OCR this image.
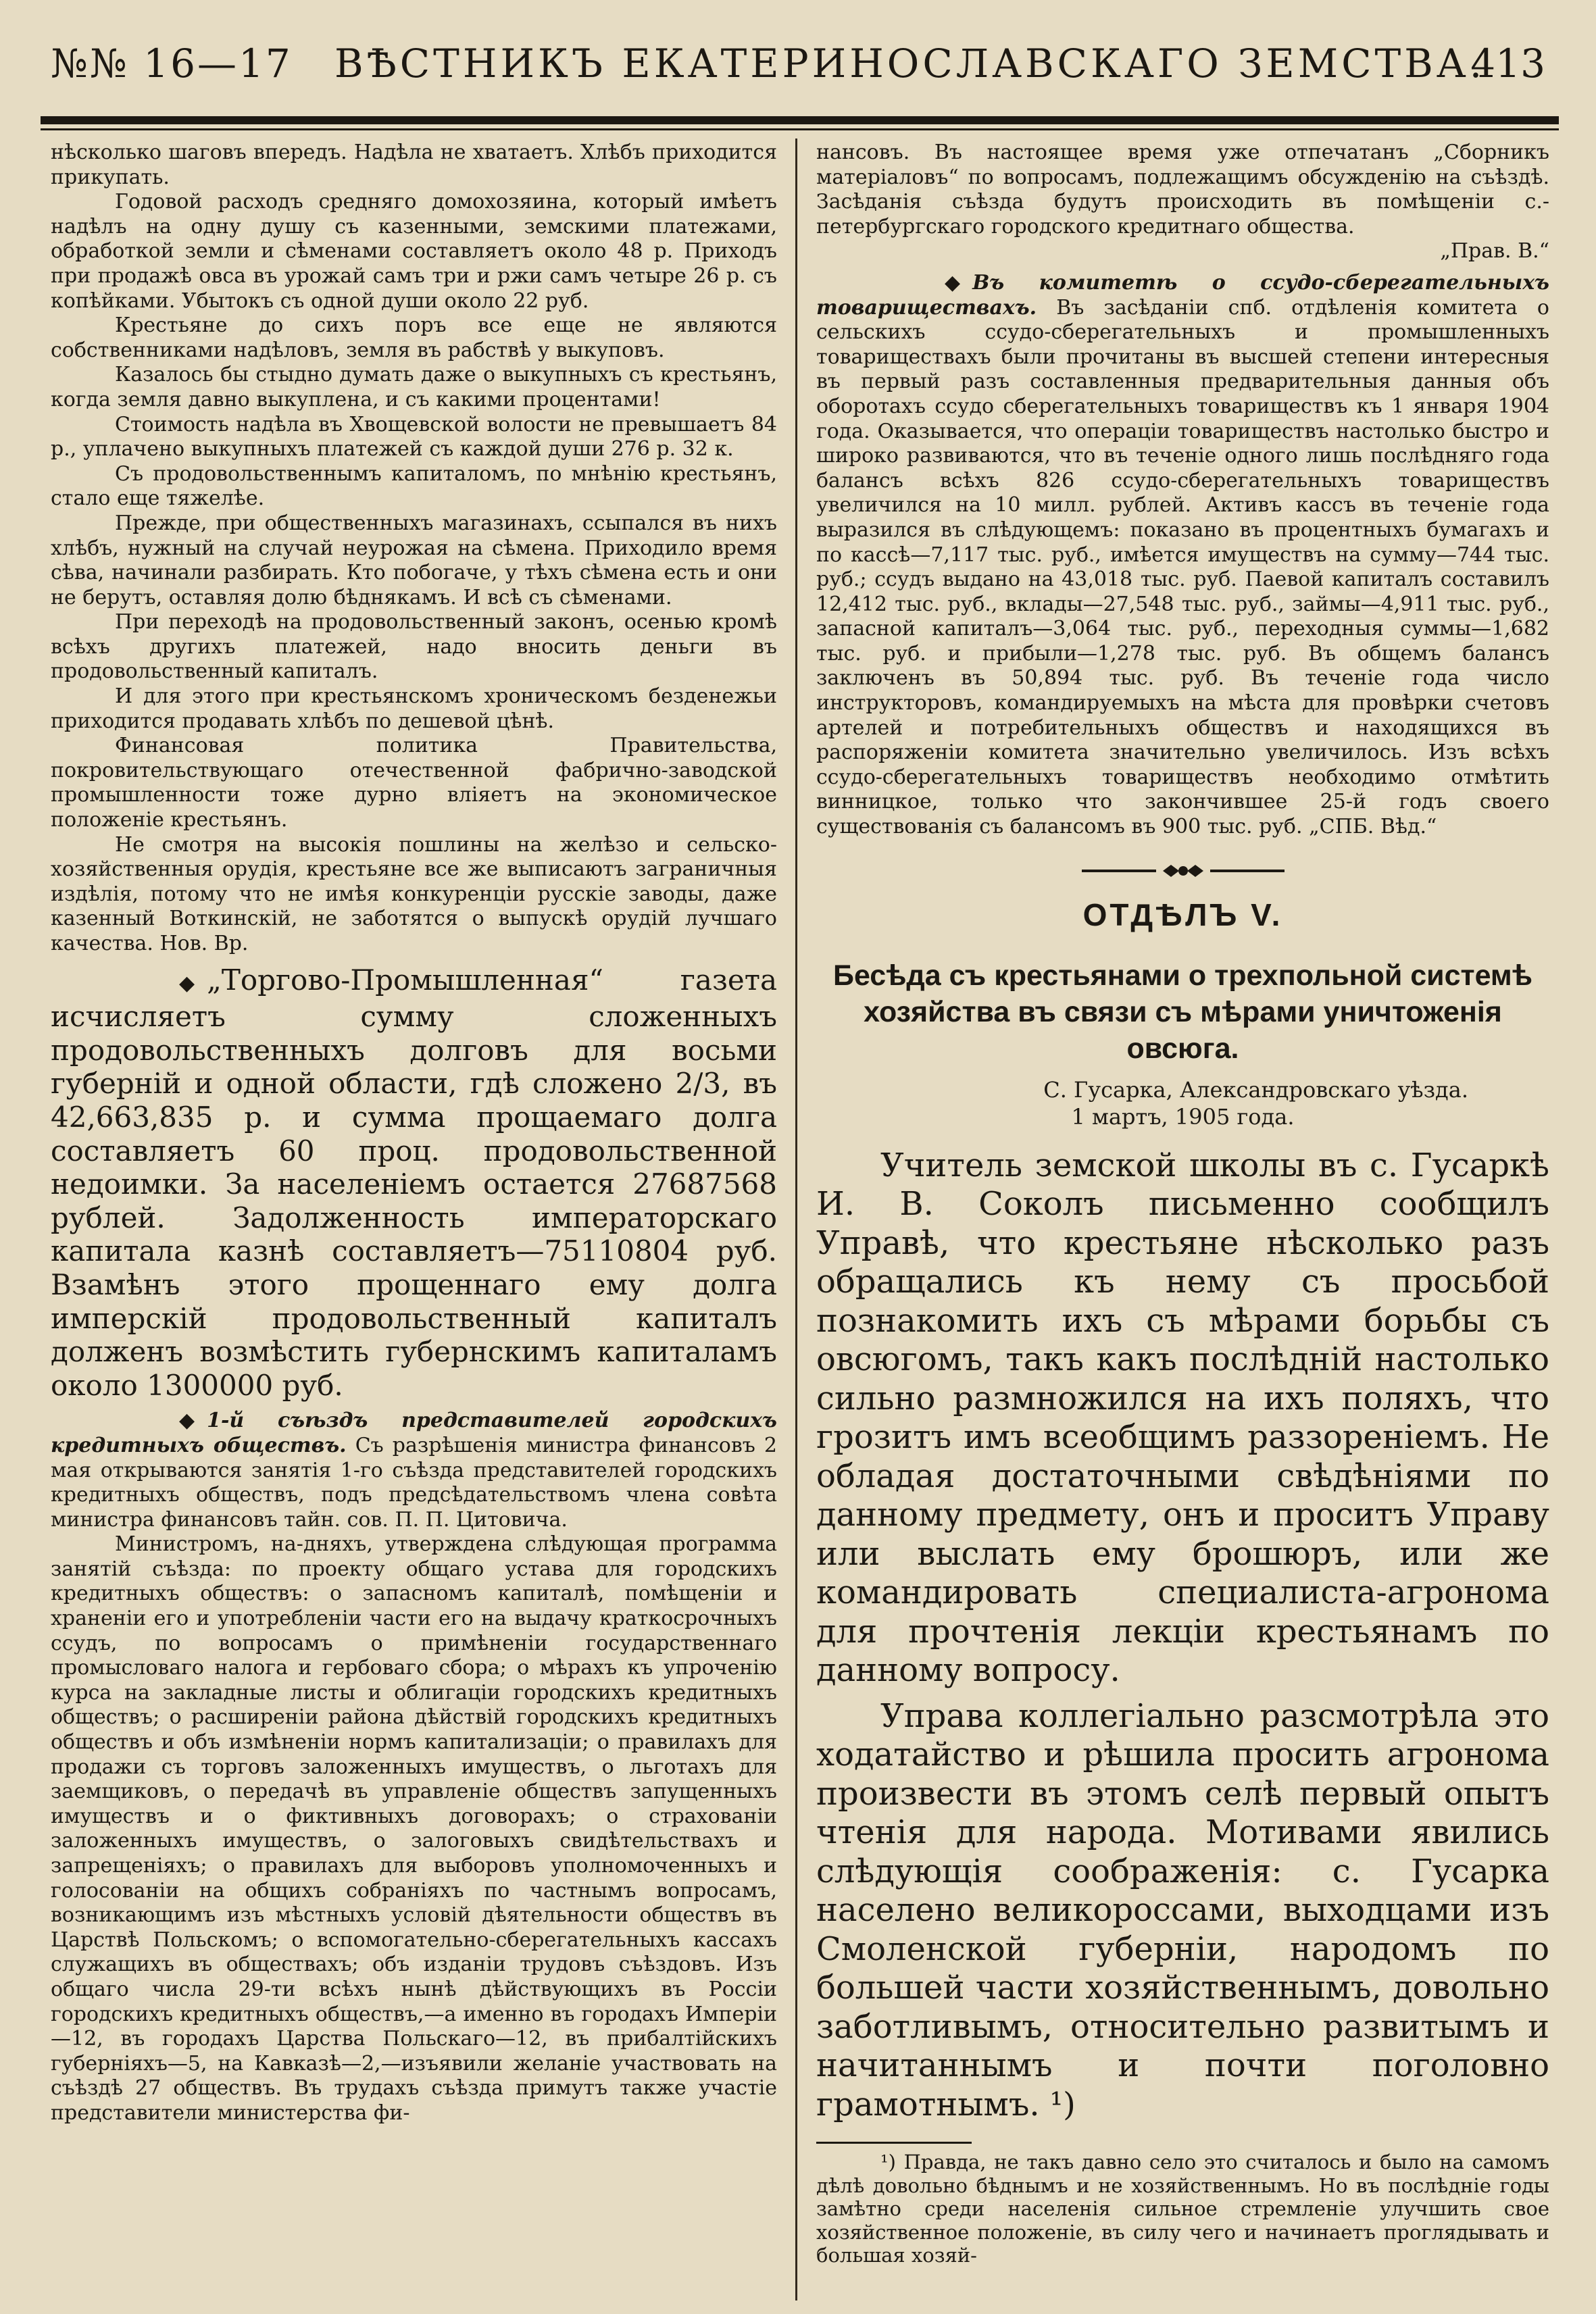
№№ 16—17 ВѢСТНИКЪ ЕКАТЕРИНОСЛАВСКАГО ЗЕМСТВА.
413

нѣсколько шаговъ впередъ. Надѣла не хватаетъ. Хлѣбъ приходится прикупать.

Годовой расходъ средняго домохозяина, который имѣетъ надѣлъ на одну душу съ казенными, земскими платежами, обработкой земли и сѣменами составляетъ около 48 р. Приходъ при продажѣ овса въ урожай самъ три и ржи самъ четыре 26 р. съ копѣйками. Убытокъ съ одной души около 22 руб.

Крестьяне до сихъ поръ все еще не являются собственниками надѣловъ, земля въ рабствѣ у выкуповъ.

Казалось бы стыдно думать даже о выкупныхъ съ крестьянъ, когда земля давно выкуплена, и съ какими процентами!

Стоимость надѣла въ Хвощевской волости не превышаетъ 84 р., уплачено выкупныхъ платежей съ каждой души 276 р. 32 к.

Съ продовольственнымъ капиталомъ, по мнѣнію крестьянъ, стало еще тяжелѣе.

Прежде, при общественныхъ магазинахъ, ссыпался въ нихъ хлѣбъ, нужный на случай неурожая на сѣмена. Приходило время сѣва, начинали разбирать. Кто побогаче, у тѣхъ сѣмена есть и они не берутъ, оставляя долю бѣднякамъ. И всѣ съ сѣменами.

При переходѣ на продовольственный законъ, осенью кромѣ всѣхъ другихъ платежей, надо вносить деньги въ продовольственный капиталъ.

И для этого при крестьянскомъ хроническомъ безденежьи приходится продавать хлѣбъ по дешевой цѣнѣ.

Финансовая политика Правительства, покровительствующаго отечественной фабрично-заводской промышленности тоже дурно вліяетъ на экономическое положеніе крестьянъ.

Не смотря на высокія пошлины на желѣзо и сельско-хозяйственныя орудія, крестьяне все же выписаютъ заграничныя издѣлія, потому что не имѣя конкуренціи русскіе заводы, даже казенный Воткинскій, не заботятся о выпускѣ орудій лучшаго качества. Нов. Вр.

◆ „Торгово-Промышленная“ газета исчисляетъ сумму сложенныхъ продовольственныхъ долговъ для восьми губерній и одной области, гдѣ сложено 2/3, въ 42,663,835 р. и сумма прощаемаго долга составляетъ 60 проц. продовольственной недоимки. За населеніемъ остается 27687568 рублей. Задолженность императорскаго капитала казнѣ составляетъ—75110804 руб. Взамѣнъ этого прощеннаго ему долга имперскій продовольственный капиталъ долженъ возмѣстить губернскимъ капиталамъ около 1300000 руб.

◆ 1-й съѣздъ представителей городскихъ кредитныхъ обществъ. Съ разрѣшенія министра финансовъ 2 мая открываются занятія 1-го съѣзда представителей городскихъ кредитныхъ обществъ, подъ предсѣдательствомъ члена совѣта министра финансовъ тайн. сов. П. П. Цитовича.

Министромъ, на-дняхъ, утверждена слѣдующая программа занятій съѣзда: по проекту общаго устава для городскихъ кредитныхъ обществъ: о запасномъ капиталѣ, помѣщеніи и храненіи его и употребленіи части его на выдачу краткосрочныхъ ссудъ, по вопросамъ о примѣненіи государственнаго промысловаго налога и гербоваго сбора; о мѣрахъ къ упроченію курса на закладные листы и облигаціи городскихъ кредитныхъ обществъ; о расширеніи района дѣйствій городскихъ кредитныхъ обществъ и объ измѣненіи нормъ капитализаціи; о правилахъ для продажи съ торговъ заложенныхъ имуществъ, о льготахъ для заемщиковъ, о передачѣ въ управленіе обществъ запущенныхъ имуществъ и о фиктивныхъ договорахъ; о страхованіи заложенныхъ имуществъ, о залоговыхъ свидѣтельствахъ и запрещеніяхъ; о правилахъ для выборовъ уполномоченныхъ и голосованіи на общихъ собраніяхъ по частнымъ вопросамъ, возникающимъ изъ мѣстныхъ условій дѣятельности обществъ въ Царствѣ Польскомъ; о вспомогательно-сберегательныхъ кассахъ служащихъ въ обществахъ; объ изданіи трудовъ съѣздовъ. Изъ общаго числа 29-ти всѣхъ нынѣ дѣйствующихъ въ Россіи городскихъ кредитныхъ обществъ,—а именно въ городахъ Имперіи—12, въ городахъ Царства Польскаго—12, въ прибалтійскихъ губерніяхъ—5, на Кавказѣ—2,—изъявили желаніе участвовать на съѣздѣ 27 обществъ. Въ трудахъ съѣзда примутъ также участіе представители министерства фи-

нансовъ. Въ настоящее время уже отпечатанъ „Сборникъ матеріаловъ“ по вопросамъ, подлежащимъ обсужденію на съѣздѣ. Засѣданія съѣзда будутъ происходить въ помѣщеніи с.-петербургскаго городского кредитнаго общества.

„Прав. В.“

◆ Въ комитетѣ о ссудо-сберегательныхъ товариществахъ. Въ засѣданіи спб. отдѣленія комитета о сельскихъ ссудо-сберегательныхъ и промышленныхъ товариществахъ были прочитаны въ высшей степени интересныя въ первый разъ составленныя предварительныя данныя объ оборотахъ ссудо сберегательныхъ товариществъ къ 1 января 1904 года. Оказывается, что операціи товариществъ настолько быстро и широко развиваются, что въ теченіе одного лишь послѣдняго года балансъ всѣхъ 826 ссудо-сберегательныхъ товариществъ увеличился на 10 милл. рублей. Активъ кассъ въ теченіе года выразился въ слѣдующемъ: показано въ процентныхъ бумагахъ и по кассѣ—7,117 тыс. руб., имѣется имуществъ на сумму—744 тыс. руб.; ссудъ выдано на 43,018 тыс. руб. Паевой капиталъ составилъ 12,412 тыс. руб., вклады—27,548 тыс. руб., займы—4,911 тыс. руб., запасной капиталъ—3,064 тыс. руб., переходныя суммы—1,682 тыс. руб. и прибыли—1,278 тыс. руб. Въ общемъ балансъ заключенъ въ 50,894 тыс. руб. Въ теченіе года число инструкторовъ, командируемыхъ на мѣста для провѣрки счетовъ артелей и потребительныхъ обществъ и находящихся въ распоряженіи комитета значительно увеличилось. Изъ всѣхъ ссудо-сберегательныхъ товариществъ необходимо отмѣтить винницкое, только что закончившее 25-й годъ своего существованія съ балансомъ въ 900 тыс. руб. „СПБ. Вѣд.“

ОТДѢЛЪ V.
Бесѣда съ крестьянами о трехпольной системѣ хозяйства въ связи съ мѣрами уничтоженія овсюга.
С. Гусарка, Александровскаго уѣзда.
1 мартъ, 1905 года.

Учитель земской школы въ с. Гусаркѣ И. В. Соколъ письменно сообщилъ Управѣ, что крестьяне нѣсколько разъ обращались къ нему съ просьбой познакомить ихъ съ мѣрами борьбы съ овсюгомъ, такъ какъ послѣдній настолько сильно размножился на ихъ поляхъ, что грозитъ имъ всеобщимъ раззореніемъ. Не обладая достаточными свѣдѣніями по данному предмету, онъ и проситъ Управу или выслать ему брошюръ, или же командировать специалиста-агронома для прочтенія лекціи крестьянамъ по данному вопросу.

Управа коллегіально разсмотрѣла это ходатайство и рѣшила просить агронома произвести въ этомъ селѣ первый опытъ чтенія для народа. Мотивами явились слѣдующія соображенія: с. Гусарка населено великороссами, выходцами изъ Смоленской губерніи, народомъ по большей части хозяйственнымъ, довольно заботливымъ, относительно развитымъ и начитаннымъ и почти поголовно грамотнымъ. ¹)

¹) Правда, не такъ давно село это считалось и было на самомъ дѣлѣ довольно бѣднымъ и не хозяйственнымъ. Но въ послѣдніе годы замѣтно среди населенія сильное стремленіе улучшить свое хозяйственное положеніе, въ силу чего и начинаетъ проглядывать и большая хозяй-
